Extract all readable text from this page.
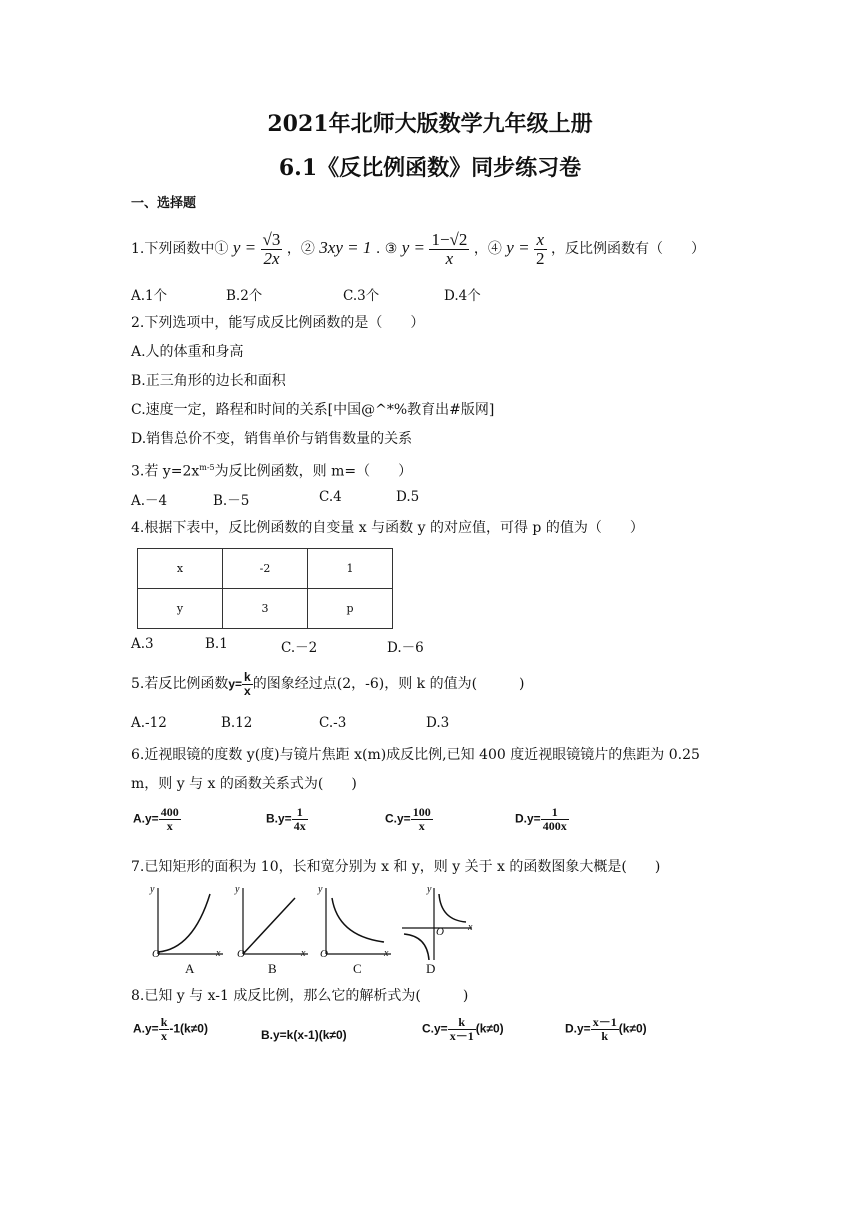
2021年北师大版数学九年级上册
6.1《反比例函数》同步练习卷
一、选择题
1.下列函数中① $y = \frac{√3}{2x}$ ，② 3xy = 1 . ③ $y = \frac{1-√2}{x}$ ，④ $y = \frac{x}{2}$ ，反比例函数有（　　）
A.1个	B.2个	C.3个	D.4个
2.下列选项中，能写成反比例函数的是（　　）
A.人的体重和身高
B.正三角形的边长和面积
C.速度一定，路程和时间的关系[中国@^*%教育出#版网]
D.销售总价不变，销售单价与销售数量的关系
3.若 $y=2x^{m-5}$为反比例函数，则 m=（　　）
A.－4	B.－5	C.4	D.5
4.根据下表中，反比例函数的自变量 x 与函数 y 的对应值，可得 p 的值为（　　）
x	-2	1
y	3	p
A.3	B.1	C.－2	D.－6
5.若反比例函数$y= \frac{k}{x}$ 的图象经过点(2，-6)，则 k 的值为(　　　)
A.-12	B.12	C.-3	D.3
6.近视眼镜的度数 y(度)与镜片焦距 x(m)成反比例,已知 400 度近视眼镜镜片的焦距为 0.25
m，则 y 与 x 的函数关系式为(　　)
$A.y= \frac{400}{x}$	$B.y= \frac{1}{4x}$	$C.y= \frac{100}{x}$	$D.y= \frac{1}{400x}$
7.已知矩形的面积为 10，长和宽分别为 x 和 y，则 y 关于 x 的函数图象大概是(　　)
y
x
O
A
y
x
O
B
y
x
O
C
y
x
O
D
8.已知 y 与 x-1 成反比例，那么它的解析式为(　　　)
$A.y= \frac{k}{x} -1(k\ne 0)$	B.y=k(x-1)(k≠0)	$C.y= \frac{k}{x-1} (k\ne 0)$	$D.y= \frac{x-1}{k} (k\ne 0)$
